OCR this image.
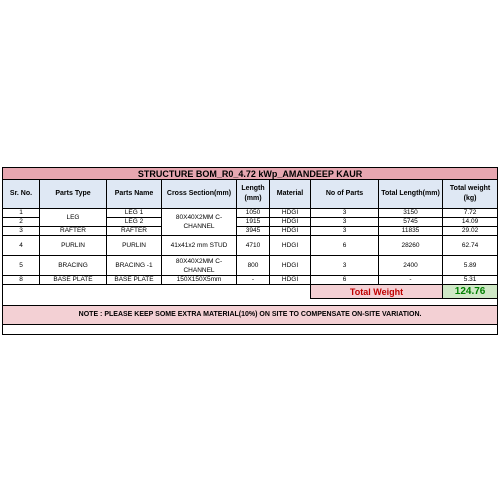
STRUCTURE BOM_R0_4.72 kWp_AMANDEEP KAUR								
Sr. No.	Parts Type	Parts Name	Cross Section(mm)	Length (mm)	Material	No of Parts	Total Length(mm)	Total weight (kg)
1	LEG	LEG 1	80X40X2MM C-CHANNEL	1050	HDGI	3	3150	7.72
2		LEG 2		1915	HDGI	3	5745	14.09
3	RAFTER	RAFTER		3945	HDGI	3	11835	29.02
4	PURLIN	PURLIN	41x41x2 mm STUD	4710	HDGI	6	28260	62.74
5	BRACING	BRACING -1	80X40X2MM C-CHANNEL	800	HDGI	3	2400	5.89
8	BASE PLATE	BASE PLATE	150X150X5mm	-	HDGI	6	-	5.31
						Total Weight		124.76

NOTE : PLEASE KEEP SOME EXTRA MATERIAL(10%) ON SITE TO COMPENSATE ON-SITE VARIATION.								
